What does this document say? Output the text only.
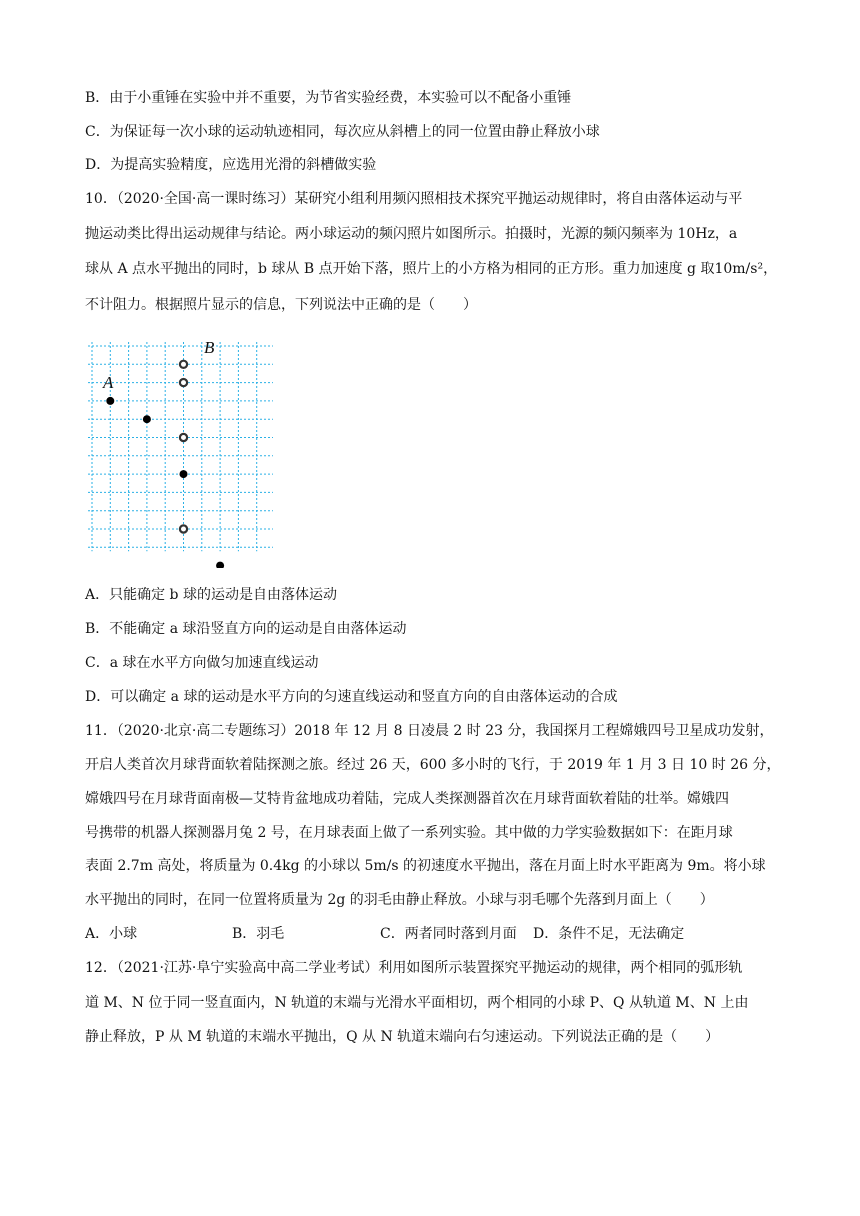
B．由于小重锤在实验中并不重要，为节省实验经费，本实验可以不配备小重锤
C．为保证每一次小球的运动轨迹相同，每次应从斜槽上的同一位置由静止释放小球
D．为提高实验精度，应选用光滑的斜槽做实验
10．（2020·全国·高一课时练习）某研究小组利用频闪照相技术探究平抛运动规律时，将自由落体运动与平
抛运动类比得出运动规律与结论。两小球运动的频闪照片如图所示。拍摄时，光源的频闪频率为 10Hz，a
球从 A 点水平抛出的同时，b 球从 B 点开始下落，照片上的小方格为相同的正方形。重力加速度 g 取10m/s²，
不计阻力。根据照片显示的信息，下列说法中正确的是（　　）
A
B
A．只能确定 b 球的运动是自由落体运动
B．不能确定 a 球沿竖直方向的运动是自由落体运动
C．a 球在水平方向做匀加速直线运动
D．可以确定 a 球的运动是水平方向的匀速直线运动和竖直方向的自由落体运动的合成
11．（2020·北京·高二专题练习）2018 年 12 月 8 日凌晨 2 时 23 分，我国探月工程嫦娥四号卫星成功发射，
开启人类首次月球背面软着陆探测之旅。经过 26 天，600 多小时的飞行，于 2019 年 1 月 3 日 10 时 26 分，
嫦娥四号在月球背面南极—艾特肯盆地成功着陆，完成人类探测器首次在月球背面软着陆的壮举。嫦娥四
号携带的机器人探测器月兔 2 号，在月球表面上做了一系列实验。其中做的力学实验数据如下：在距月球
表面 2.7m 高处，将质量为 0.4kg 的小球以 5m/s 的初速度水平抛出，落在月面上时水平距离为 9m。将小球
水平抛出的同时，在同一位置将质量为 2g 的羽毛由静止释放。小球与羽毛哪个先落到月面上（　　）
A．小球	B．羽毛	C．两者同时落到月面 D．条件不足，无法确定
12．（2021·江苏·阜宁实验高中高二学业考试）利用如图所示装置探究平抛运动的规律，两个相同的弧形轨
道 M、N 位于同一竖直面内，N 轨道的末端与光滑水平面相切，两个相同的小球 P、Q 从轨道 M、N 上由
静止释放，P 从 M 轨道的末端水平抛出，Q 从 N 轨道末端向右匀速运动。下列说法正确的是（　　）
